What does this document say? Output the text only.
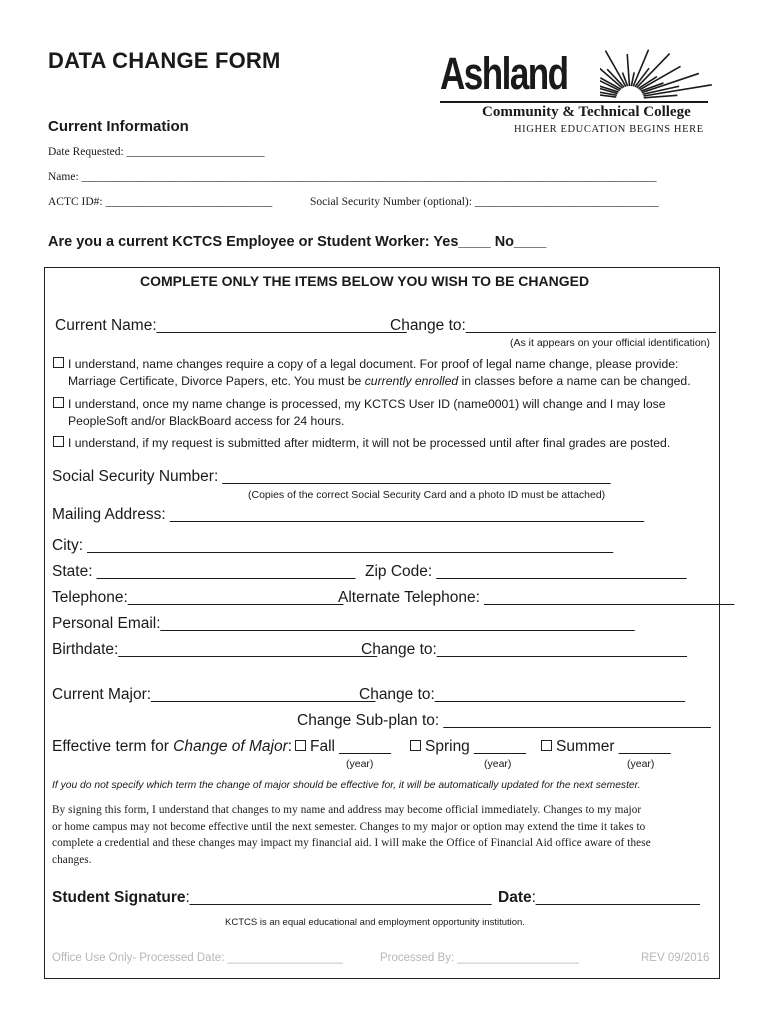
DATA CHANGE FORM	Ashland
Community & Technical College
HIGHER EDUCATION BEGINS HERE
Current Information
Date Requested: ________________________
Name: ____________________________________________________________________________________________________
ACTC ID#: _____________________________	Social Security Number (optional): ________________________________
Are you a current KCTCS Employee or Student Worker: Yes____ No____
COMPLETE ONLY THE ITEMS BELOW YOU WISH TO BE CHANGED
Current Name:_____________________________
Change to:_____________________________
(As it appears on your official identification)
I understand, name changes require a copy of a legal document. For proof of legal name change, please provide:
Marriage Certificate, Divorce Papers, etc. You must be currently enrolled in classes before a name can be changed.
I understand, once my name change is processed, my KCTCS User ID (name0001) will change and I may lose
PeopleSoft and/or BlackBoard access for 24 hours.
I understand, if my request is submitted after midterm, it will not be processed until after final grades are posted.
Social Security Number: _____________________________________________
(Copies of the correct Social Security Card and a photo ID must be attached)
Mailing Address: _______________________________________________________
City: _____________________________________________________________
State: ______________________________ Zip Code: _____________________________
Telephone:_________________________
Alternate Telephone: _____________________________
Personal Email:_______________________________________________________
Birthdate:______________________________
Change to:_____________________________
Current Major:__________________________
Change to:_____________________________
Change Sub-plan to: _______________________________
Effective term for Change of Major:	Fall ______	Spring ______	Summer ______
(year)	(year)	(year)
If you do not specify which term the change of major should be effective for, it will be automatically updated for the next semester.
By signing this form, I understand that changes to my name and address may become official immediately. Changes to my major
or home campus may not become effective until the next semester. Changes to my major or option may extend the time it takes to
complete a credential and these changes may impact my financial aid. I will make the Office of Financial Aid office aware of these
changes.
Student Signature:___________________________________ Date:___________________
KCTCS is an equal educational and employment opportunity institution.
Office Use Only- Processed Date: __________________	Processed By: ___________________	REV 09/2016
